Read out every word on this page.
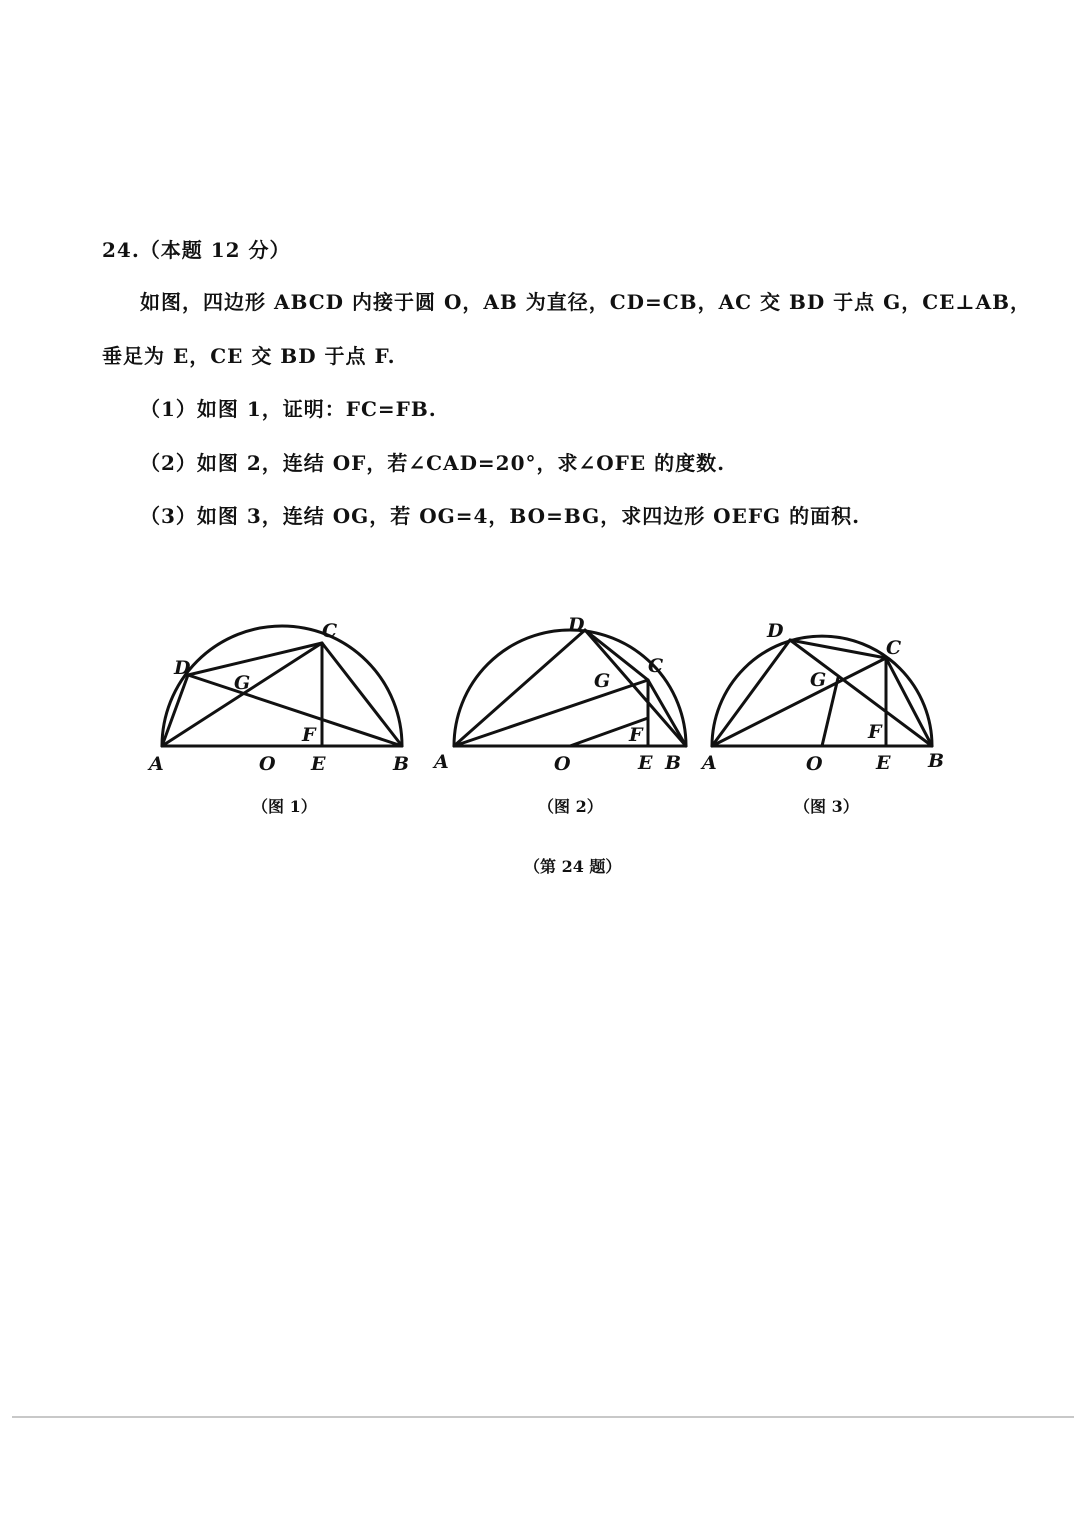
24.（本题 12 分）
如图，四边形 ABCD 内接于圆 O，AB 为直径，CD=CB，AC 交 BD 于点 G，CE⊥AB，
垂足为 E，CE 交 BD 于点 F.
（1）如图 1，证明：FC=FB.
（2）如图 2，连结 OF，若∠CAD=20°，求∠OFE 的度数.
（3）如图 3，连结 OG，若 OG=4，BO=BG，求四边形 OEFG 的面积.
A	O E	B
D
G
C
F
A	O	E B
D
G
C
F
A	O	E B
D
G
C
F
（图 1）	（图 2）	（图 3）
（第 24 题）
